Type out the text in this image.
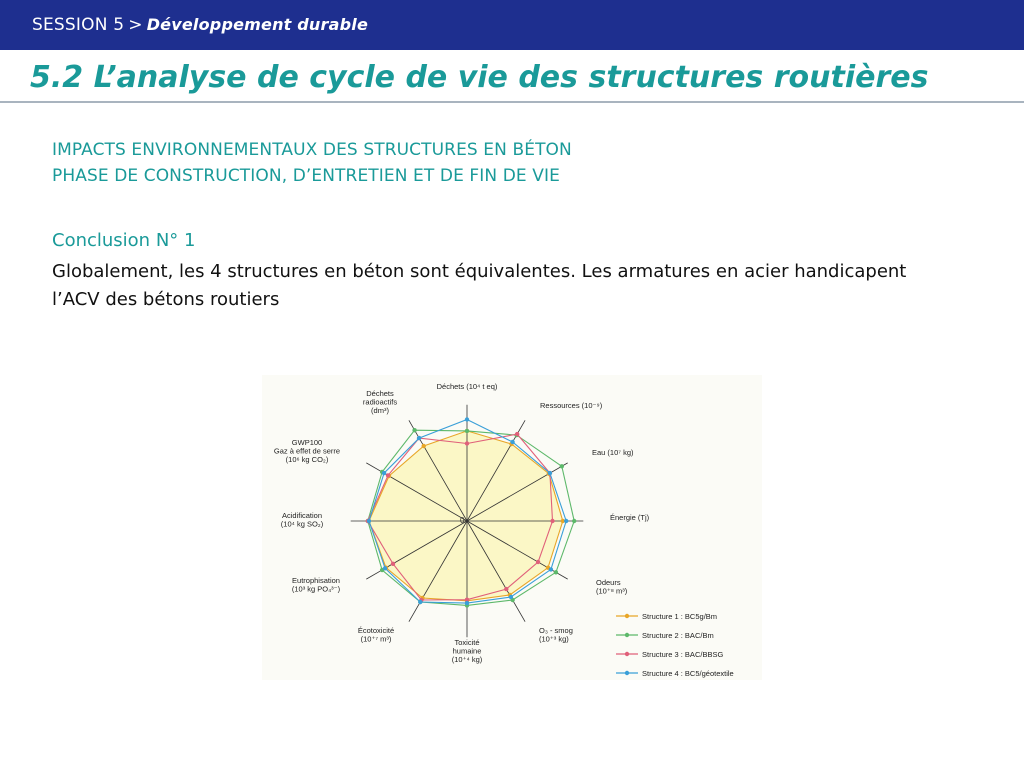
SESSION 5 > Développement durable
5.2 L’analyse de cycle de vie des structures routières
IMPACTS ENVIRONNEMENTAUX DES STRUCTURES EN BÉTON
PHASE DE CONSTRUCTION, D’ENTRETIEN ET DE FIN DE VIE
Conclusion N° 1
Globalement, les 4 structures en béton sont équivalentes. Les armatures en acier handicapent l’ACV des bétons routiers
0
Déchets (10⁴ t eq)
Ressources (10⁻⁹)
Eau (10⁷ kg)
Énergie (Tj)
Odeurs (10⁺⁸ m³)
O₃ - smog (10⁺³ kg)
Toxicité humaine (10⁺⁴ kg)
Écotoxicité (10⁺⁷ m³)
Eutrophisation (10³ kg PO₄³⁻)
Acidification (10⁴ kg SO₂)
GWP100 Gaz à effet de serre (10⁶ kg CO₂)
Déchets radioactifs (dm³)
Structure 1 : BC5g/Bm
Structure 2 : BAC/Bm
Structure 3 : BAC/BBSG
Structure 4 : BC5/géotextile
